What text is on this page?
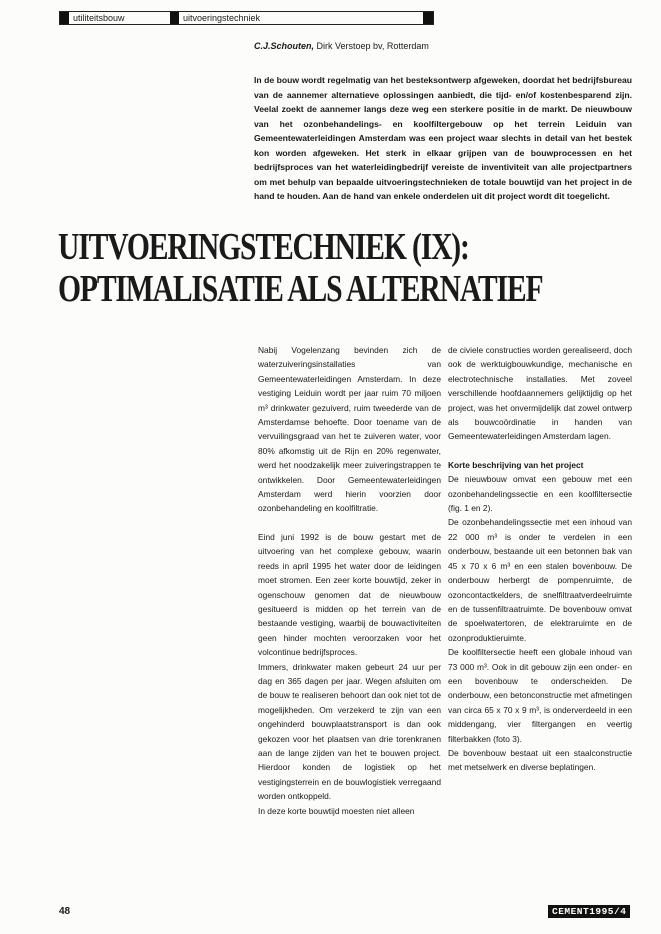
utiliteitsbouw	uitvoeringstechniek
C.J.Schouten, Dirk Verstoep bv, Rotterdam
In de bouw wordt regelmatig van het besteksontwerp afgeweken, doordat het bedrijfsbureau van de aannemer alternatieve oplossingen aanbiedt, die tijd- en/of kostenbesparend zijn. Veelal zoekt de aannemer langs deze weg een sterkere positie in de markt. De nieuwbouw van het ozonbehandelings- en koolfiltergebouw op het terrein Leiduin van Gemeentewaterleidingen Amsterdam was een project waar slechts in detail van het bestek kon worden afgeweken. Het sterk in elkaar grijpen van de bouwprocessen en het bedrijfsproces van het waterleidingbedrijf vereiste de inventiviteit van alle projectpartners om met behulp van bepaalde uitvoeringstechnieken de totale bouwtijd van het project in de hand te houden. Aan de hand van enkele onderdelen uit dit project wordt dit toegelicht.
UITVOERINGSTECHNIEK (IX):
OPTIMALISATIE ALS ALTERNATIEF

Nabij Vogelenzang bevinden zich de waterzuiveringsinstallaties van Gemeentewaterleidingen Amsterdam. In deze vestiging Leiduin wordt per jaar ruim 70 miljoen m³ drinkwater gezuiverd, ruim tweederde van de Amsterdamse behoefte. Door toename van de vervuilingsgraad van het te zuiveren water, voor 80% afkomstig uit de Rijn en 20% regenwater, werd het noodzakelijk meer zuiveringstrappen te ontwikkelen. Door Gemeentewaterleidingen Amsterdam werd hierin voorzien door ozonbehandeling en koolfiltratie.

Eind juni 1992 is de bouw gestart met de uitvoering van het complexe gebouw, waarin reeds in april 1995 het water door de leidingen moet stromen. Een zeer korte bouwtijd, zeker in ogenschouw genomen dat de nieuwbouw gesitueerd is midden op het terrein van de bestaande vestiging, waarbij de bouwactiviteiten geen hinder mochten veroorzaken voor het volcontinue bedrijfsproces.

Immers, drinkwater maken gebeurt 24 uur per dag en 365 dagen per jaar. Wegen afsluiten om de bouw te realiseren behoort dan ook niet tot de mogelijkheden. Om verzekerd te zijn van een ongehinderd bouwplaatstransport is dan ook gekozen voor het plaatsen van drie torenkranen aan de lange zijden van het te bouwen project. Hierdoor konden de logistiek op het vestigingsterrein en de bouwlogistiek verregaand worden ontkoppeld.

In deze korte bouwtijd moesten niet alleen

de civiele constructies worden gerealiseerd, doch ook de werktuigbouwkundige, mechanische en electrotechnische installaties. Met zoveel verschillende hoofdaannemers gelijktijdig op het project, was het onvermijdelijk dat zowel ontwerp als bouwcoördinatie in handen van Gemeentewaterleidingen Amsterdam lagen.

Korte beschrijving van het project

De nieuwbouw omvat een gebouw met een ozonbehandelingssectie en een koolfiltersectie (fig. 1 en 2).

De ozonbehandelingssectie met een inhoud van 22 000 m³ is onder te verdelen in een onderbouw, bestaande uit een betonnen bak van 45 x 70 x 6 m³ en een stalen bovenbouw. De onderbouw herbergt de pompenruimte, de ozoncontactkelders, de snelfiltraatverdeelruimte en de tussenfiltraatruimte. De bovenbouw omvat de spoelwatertoren, de elektraruimte en de ozonproduktieruimte.

De koolfiltersectie heeft een globale inhoud van 73 000 m³. Ook in dit gebouw zijn een onder- en een bovenbouw te onderscheiden. De onderbouw, een betonconstructie met afmetingen van circa 65 x 70 x 9 m³, is onderverdeeld in een middengang, vier filtergangen en veertig filterbakken (foto 3).

De bovenbouw bestaat uit een staalconstructie met metselwerk en diverse beplatingen.

48	CEMENT1995/4
